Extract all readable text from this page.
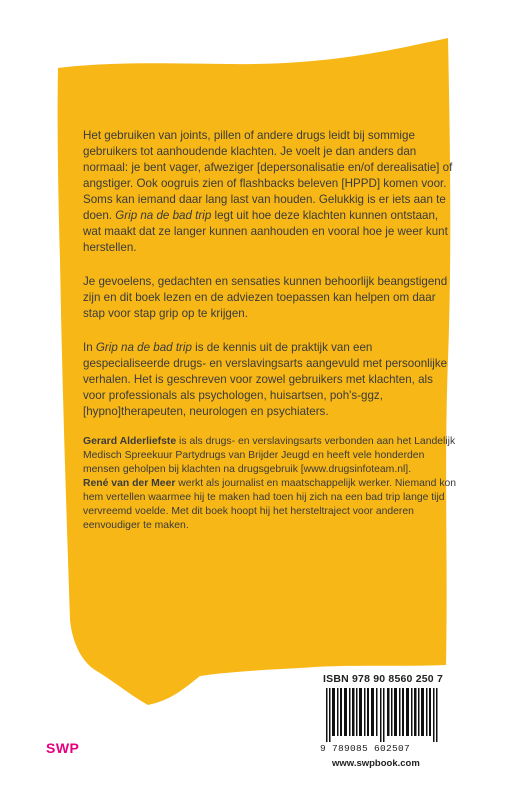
Het gebruiken van joints, pillen of andere drugs leidt bij sommige gebruikers tot aanhoudende klachten. Je voelt je dan anders dan normaal: je bent vager, afweziger [depersonalisatie en/of derealisatie] of angstiger. Ook oogruis zien of flashbacks beleven [HPPD] komen voor. Soms kan iemand daar lang last van houden. Gelukkig is er iets aan te doen. Grip na de bad trip legt uit hoe deze klachten kunnen ontstaan, wat maakt dat ze langer kunnen aanhouden en vooral hoe je weer kunt herstellen.
Je gevoelens, gedachten en sensaties kunnen behoorlijk beangstigend zijn en dit boek lezen en de adviezen toepassen kan helpen om daar stap voor stap grip op te krijgen.
In Grip na de bad trip is de kennis uit de praktijk van een gespecialiseerde drugs- en verslavingsarts aangevuld met persoonlijke verhalen. Het is geschreven voor zowel gebruikers met klachten, als voor professionals als psychologen, huisartsen, poh's-ggz, [hypno]therapeuten, neurologen en psychiaters.
Gerard Alderliefste is als drugs- en verslavingsarts verbonden aan het Landelijk Medisch Spreekuur Partydrugs van Brijder Jeugd en heeft vele honderden mensen geholpen bij klachten na drugsgebruik [www.drugsinfoteam.nl].
René van der Meer werkt als journalist en maatschappelijk werker. Niemand kon hem vertellen waarmee hij te maken had toen hij zich na een bad trip lange tijd vervreemd voelde. Met dit boek hoopt hij het hersteltraject voor anderen eenvoudiger te maken.
ISBN 978 90 8560 250 7
9 789085 602507
www.swpbook.com
SWP
